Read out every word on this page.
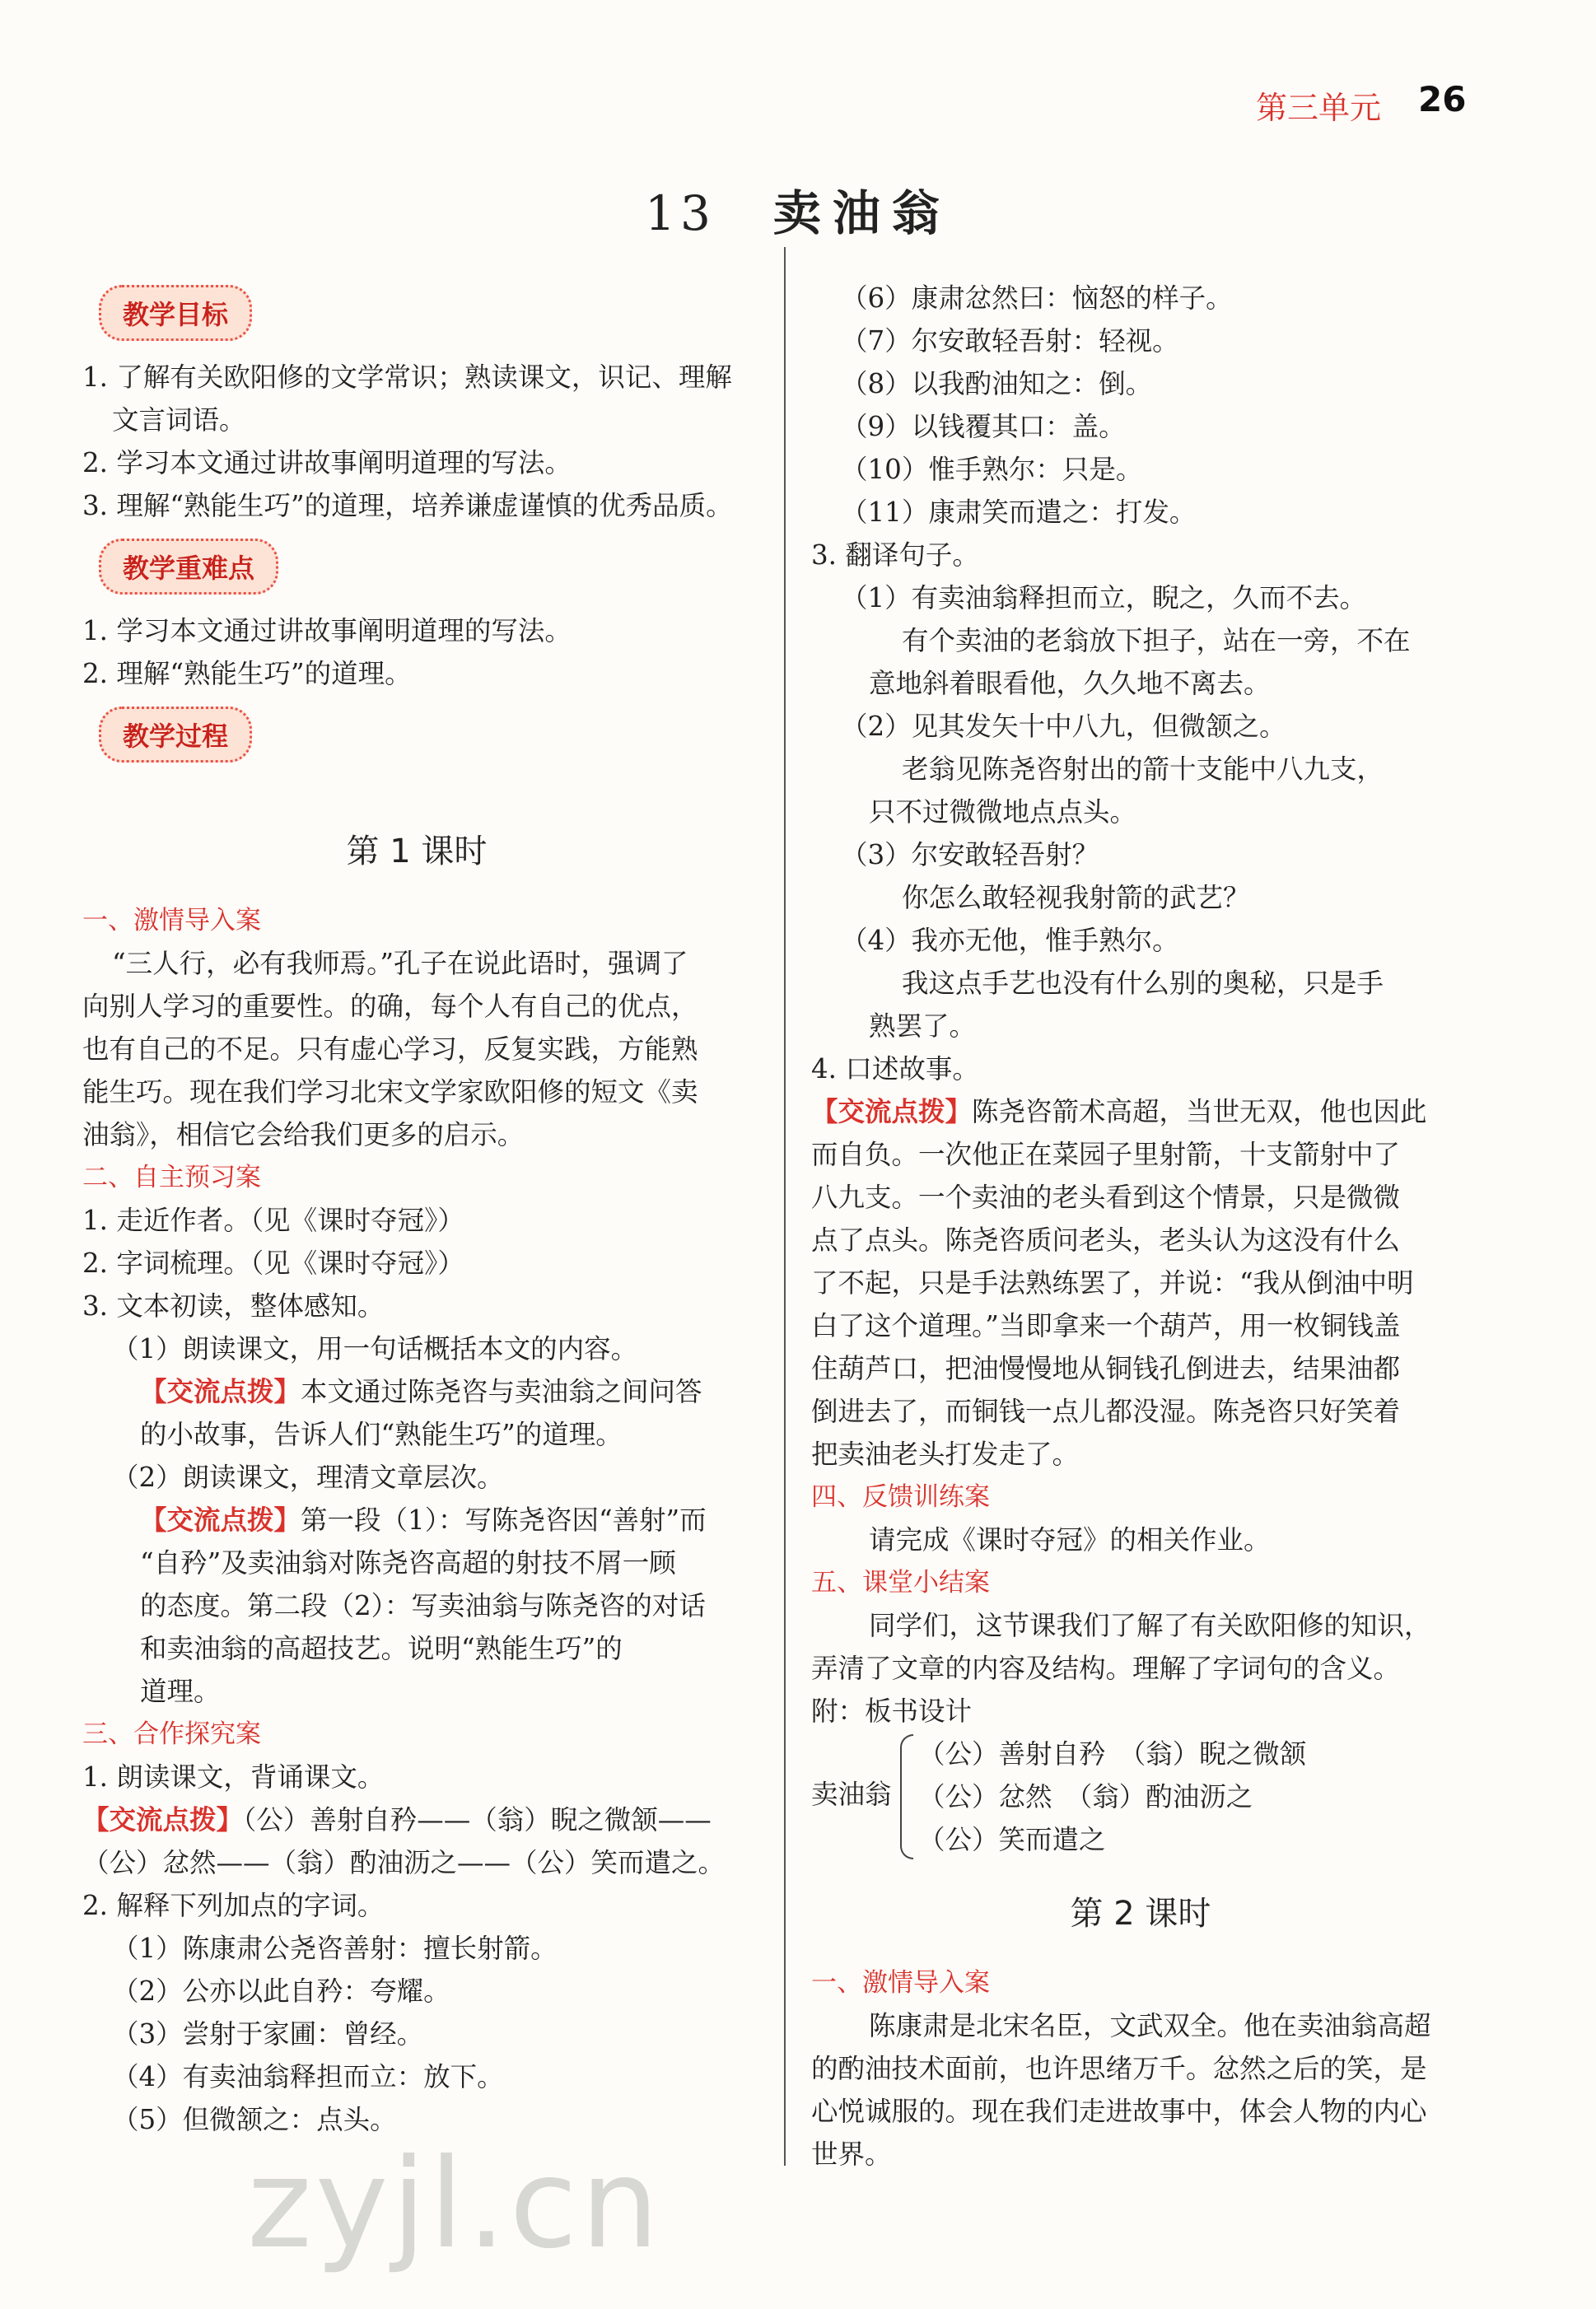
第三单元 26
13 卖油翁
教学目标
1. 了解有关欧阳修的文学常识；熟读课文，识记、理解
文言词语。
2. 学习本文通过讲故事阐明道理的写法。
3. 理解“熟能生巧”的道理，培养谦虚谨慎的优秀品质。
教学重难点
1. 学习本文通过讲故事阐明道理的写法。
2. 理解“熟能生巧”的道理。
教学过程
第 1 课时
一、激情导入案
“三人行，必有我师焉。”孔子在说此语时，强调了
向别人学习的重要性。的确，每个人有自己的优点，
也有自己的不足。只有虚心学习，反复实践，方能熟
能生巧。现在我们学习北宋文学家欧阳修的短文《卖
油翁》，相信它会给我们更多的启示。
二、自主预习案
1. 走近作者。（见《课时夺冠》）
2. 字词梳理。（见《课时夺冠》）
3. 文本初读，整体感知。
（1）朗读课文，用一句话概括本文的内容。
【交流点拨】本文通过陈尧咨与卖油翁之间问答
的小故事，告诉人们“熟能生巧”的道理。
（2）朗读课文，理清文章层次。
【交流点拨】第一段（1）：写陈尧咨因“善射”而
“自矜”及卖油翁对陈尧咨高超的射技不屑一顾
的态度。第二段（2）：写卖油翁与陈尧咨的对话
和卖油翁的高超技艺。说明“熟能生巧”的
道理。
三、合作探究案
1. 朗读课文，背诵课文。
【交流点拨】（公）善射自矜——（翁）睨之微颔——
（公）忿然——（翁）酌油沥之——（公）笑而遣之。
2. 解释下列加点的字词。
（1）陈康肃公尧咨善射：擅长射箭。
（2）公亦以此自矜：夸耀。
（3）尝射于家圃：曾经。
（4）有卖油翁释担而立：放下。
（5）但微颔之：点头。
（6）康肃忿然曰：恼怒的样子。
（7）尔安敢轻吾射：轻视。
（8）以我酌油知之：倒。
（9）以钱覆其口：盖。
（10）惟手熟尔：只是。
（11）康肃笑而遣之：打发。
3. 翻译句子。
（1）有卖油翁释担而立，睨之，久而不去。
有个卖油的老翁放下担子，站在一旁，不在
意地斜着眼看他，久久地不离去。
（2）见其发矢十中八九，但微颔之。
老翁见陈尧咨射出的箭十支能中八九支，
只不过微微地点点头。
（3）尔安敢轻吾射？
你怎么敢轻视我射箭的武艺？
（4）我亦无他，惟手熟尔。
我这点手艺也没有什么别的奥秘，只是手
熟罢了。
4. 口述故事。
【交流点拨】陈尧咨箭术高超，当世无双，他也因此
而自负。一次他正在菜园子里射箭，十支箭射中了
八九支。一个卖油的老头看到这个情景，只是微微
点了点头。陈尧咨质问老头，老头认为这没有什么
了不起，只是手法熟练罢了，并说：“我从倒油中明
白了这个道理。”当即拿来一个葫芦，用一枚铜钱盖
住葫芦口，把油慢慢地从铜钱孔倒进去，结果油都
倒进去了，而铜钱一点儿都没湿。陈尧咨只好笑着
把卖油老头打发走了。
四、反馈训练案
请完成《课时夺冠》的相关作业。
五、课堂小结案
同学们，这节课我们了解了有关欧阳修的知识，
弄清了文章的内容及结构。理解了字词句的含义。
附：板书设计
卖油翁
（公）善射自矜　（翁）睨之微颔
（公）忿然　（翁）酌油沥之
（公）笑而遣之
第 2 课时
一、激情导入案
陈康肃是北宋名臣，文武双全。他在卖油翁高超
的酌油技术面前，也许思绪万千。忿然之后的笑，是
心悦诚服的。现在我们走进故事中，体会人物的内心
世界。
zyjl.cn
